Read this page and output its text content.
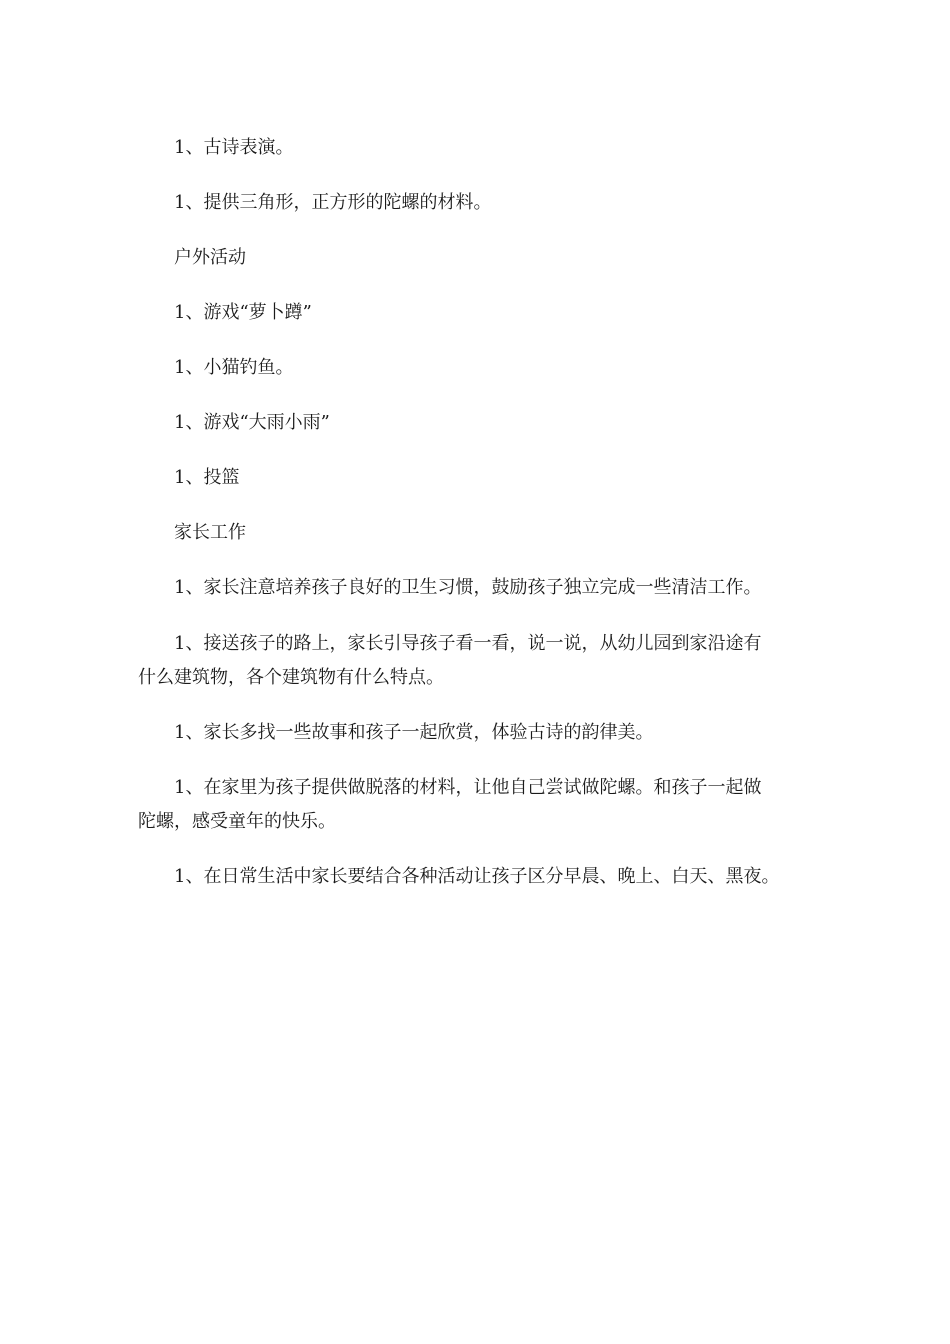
1、古诗表演。
1、提供三角形，正方形的陀螺的材料。
户外活动
1、游戏“萝卜蹲”
1、小猫钓鱼。
1、游戏“大雨小雨”
1、投篮
家长工作
1、家长注意培养孩子良好的卫生习惯，鼓励孩子独立完成一些清洁工作。
1、接送孩子的路上，家长引导孩子看一看，说一说，从幼儿园到家沿途有
什么建筑物，各个建筑物有什么特点。
1、家长多找一些故事和孩子一起欣赏，体验古诗的韵律美。
1、在家里为孩子提供做脱落的材料，让他自己尝试做陀螺。和孩子一起做
陀螺，感受童年的快乐。
1、在日常生活中家长要结合各种活动让孩子区分早晨、晚上、白天、黑夜。
